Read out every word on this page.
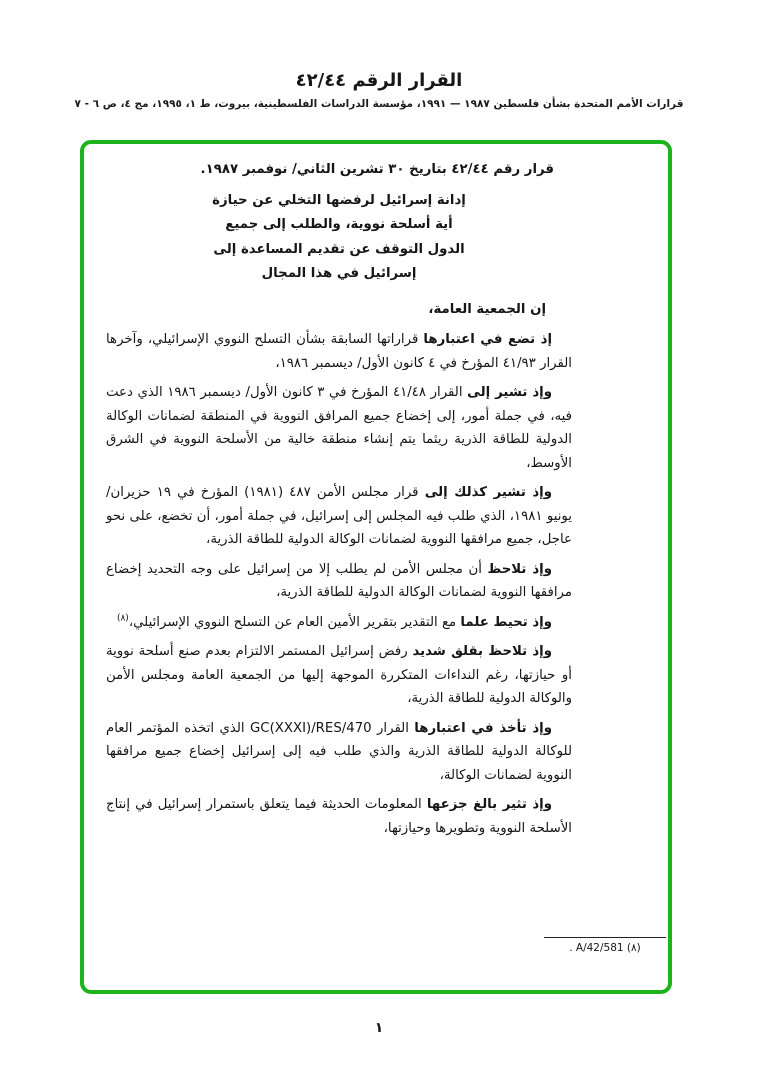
القرار الرقم ٤٢/٤٤

قرارات الأمم المتحدة بشأن فلسطين ١٩٨٧ — ١٩٩١، مؤسسة الدراسات الفلسطينية، بيروت، ط ١، ١٩٩٥، مج ٤، ص ٦ - ٧

قرار رقم ٤٢/٤٤ بتاريخ ٣٠ تشرين الثاني/ نوفمبر ١٩٨٧.

إدانة إسرائيل لرفضها التخلي عن حيازة
أية أسلحة نووية، والطلب إلى جميع
الدول التوقف عن تقديم المساعدة إلى
إسرائيل في هذا المجال

إن الجمعية العامة،

إذ تضع في اعتبارها قراراتها السابقة بشأن التسلح النووي الإسرائيلي، وآخرها القرار ٤١/٩٣ المؤرخ في ٤ كانون الأول/ ديسمبر ١٩٨٦،

وإذ تشير إلى القرار ٤١/٤٨ المؤرخ في ٣ كانون الأول/ ديسمبر ١٩٨٦ الذي دعت فيه، في جملة أمور، إلى إخضاع جميع المرافق النووية في المنطقة لضمانات الوكالة الدولية للطاقة الذرية ريثما يتم إنشاء منطقة خالية من الأسلحة النووية في الشرق الأوسط،

وإذ تشير كذلك إلى قرار مجلس الأمن ٤٨٧ (١٩٨١) المؤرخ في ١٩ حزيران/يونيو ١٩٨١، الذي طلب فيه المجلس إلى إسرائيل، في جملة أمور، أن تخضع، على نحو عاجل، جميع مرافقها النووية لضمانات الوكالة الدولية للطاقة الذرية،

وإذ تلاحظ أن مجلس الأمن لم يطلب إلا من إسرائيل على وجه التحديد إخضاع مرافقها النووية لضمانات الوكالة الدولية للطاقة الذرية،

وإذ تحيط علما مع التقدير بتقرير الأمين العام عن التسلح النووي الإسرائيلي،$^{(٨)}$

وإذ تلاحظ بقلق شديد رفض إسرائيل المستمر الالتزام بعدم صنع أسلحة نووية أو حيازتها، رغم النداءات المتكررة الموجهة إليها من الجمعية العامة ومجلس الأمن والوكالة الدولية للطاقة الذرية،

وإذ تأخذ في اعتبارها القرار GC(XXXI)/RES/470 الذي اتخذه المؤتمر العام للوكالة الدولية للطاقة الذرية والذي طلب فيه إلى إسرائيل إخضاع جميع مرافقها النووية لضمانات الوكالة،

وإذ تثير بالغ جزعها المعلومات الحديثة فيما يتعلق باستمرار إسرائيل في إنتاج الأسلحة النووية وتطويرها وحيازتها،

(٨) A/42/581 .
١
